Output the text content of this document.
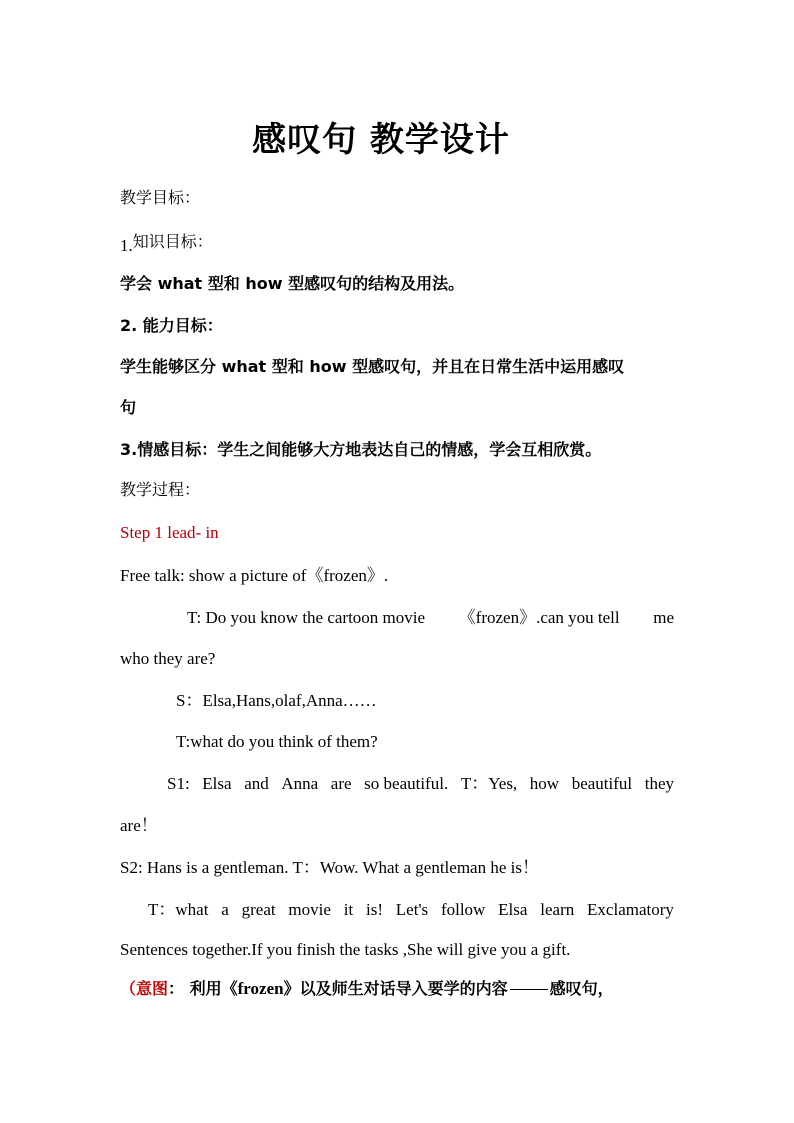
感叹句 教学设计
教学目标：
1.知识目标：
学会 what 型和 how 型感叹句的结构及用法。
2. 能力目标：
学生能够区分 what 型和 how 型感叹句，并且在日常生活中运用感叹
句
3.情感目标：学生之间能够大方地表达自己的情感，学会互相欣赏。
教学过程：
Step 1 lead- in
Free talk: show a picture of《frozen》.
T: Do you know the cartoon movie 《frozen》.can you tell me
who they are?
S：Elsa,Hans,olaf,Anna……
T:what do you think of them?
S1: Elsa and Anna are so beautiful. T：Yes, how beautiful they
are！
S2: Hans is a gentleman. T：Wow. What a gentleman he is！
T：what a great movie it is! Let's follow Elsa learn Exclamatory
Sentences together.If you finish the tasks ,She will give you a gift.
（意图： 利用《frozen》以及师生对话导入要学的内容	感叹句，
